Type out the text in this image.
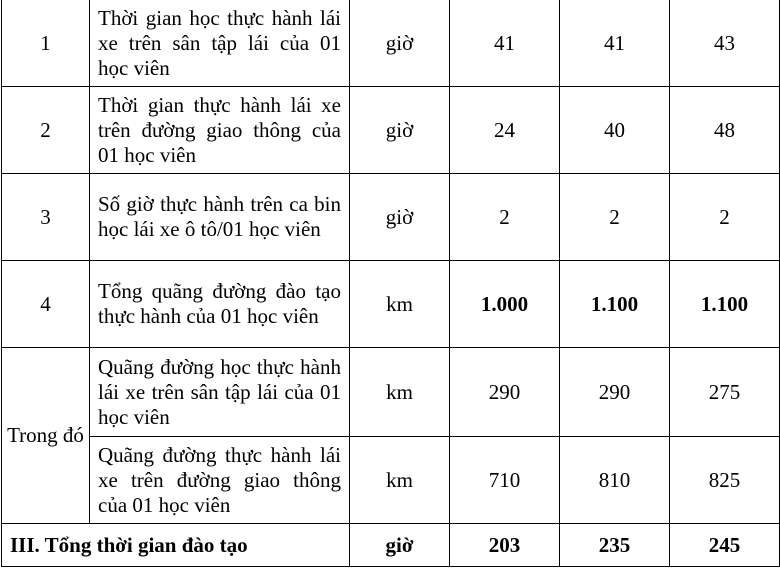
1	Thời gian học thực hành lái xe trên sân tập lái của 01 học viên	giờ	41	41	43
2	Thời gian thực hành lái xe trên đường giao thông của 01 học viên	giờ	24	40	48
3	Số giờ thực hành trên ca bin học lái xe ô tô/01 học viên	giờ	2	2	2
4	Tổng quãng đường đào tạo thực hành của 01 học viên	km	1.000	1.100	1.100
Trong đó	Quãng đường học thực hành lái xe trên sân tập lái của 01 học viên	km	290	290	275
	Quãng đường thực hành lái xe trên đường giao thông của 01 học viên	km	710	810	825
III. Tổng thời gian đào tạo		giờ	203	235	245
